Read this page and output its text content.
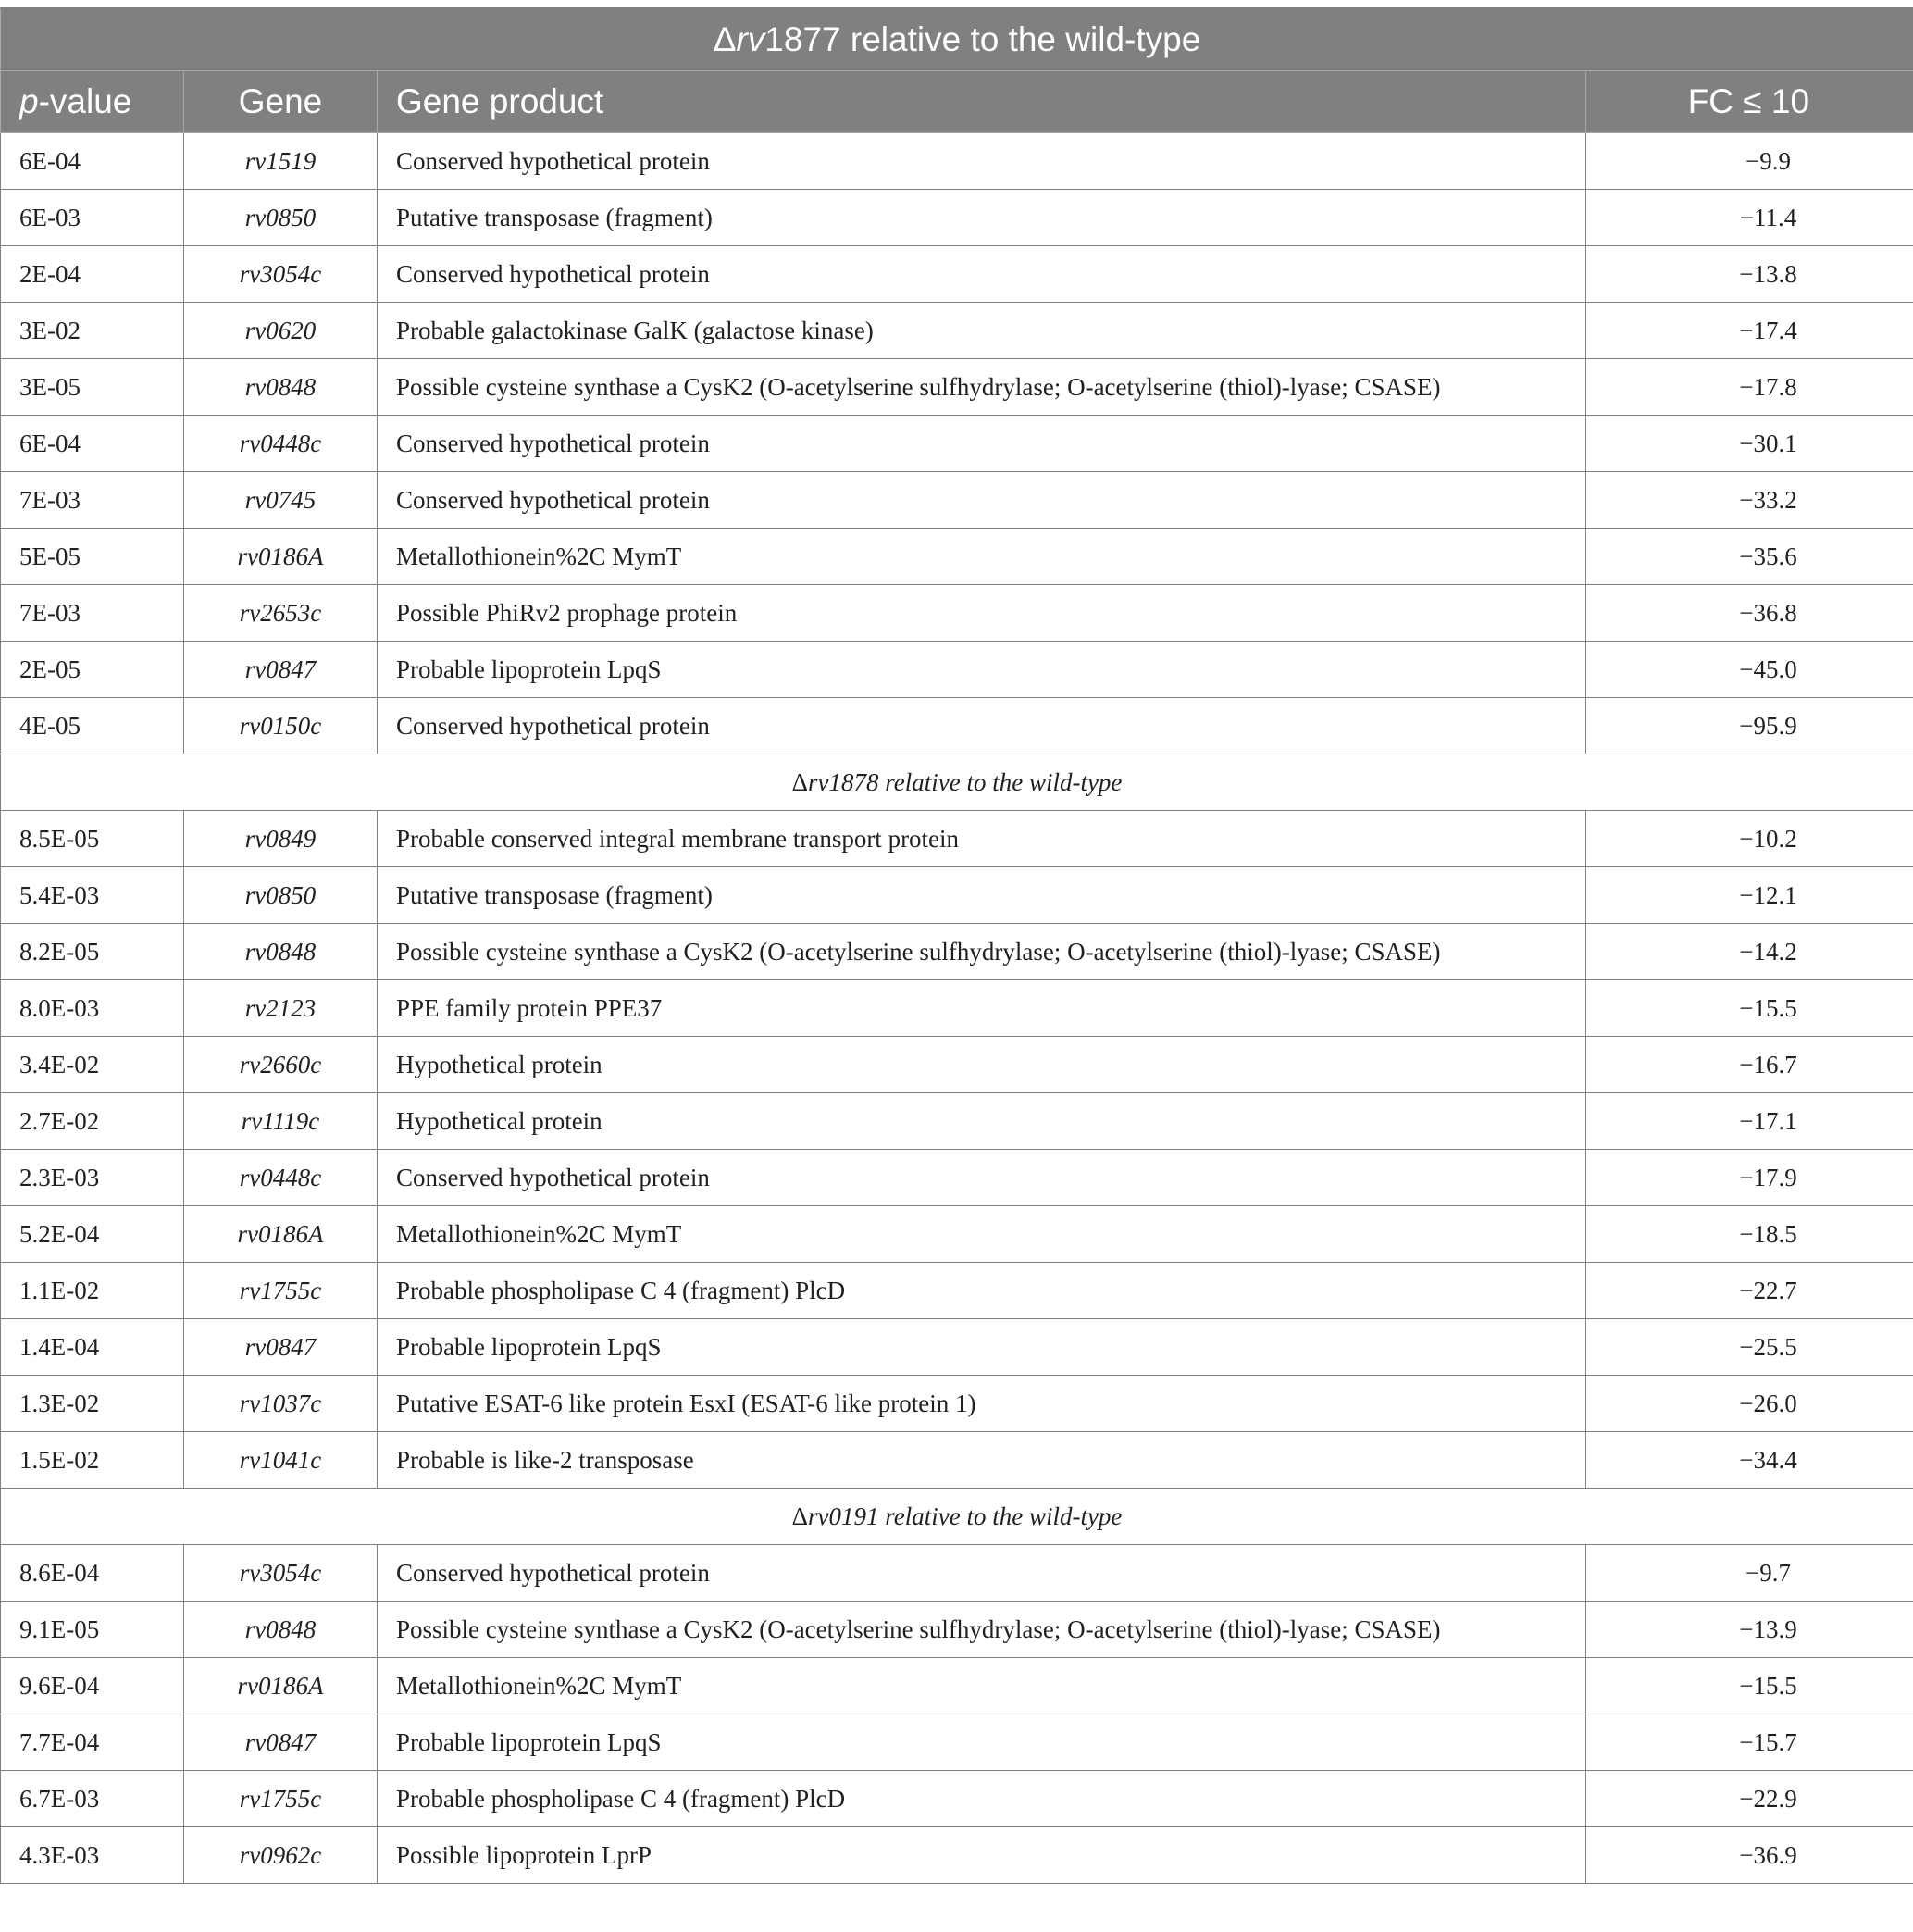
Δrv1877 relative to the wild-type			
p-value	Gene	Gene product	FC ≤ 10
6E-04	rv1519	Conserved hypothetical protein	−9.9
6E-03	rv0850	Putative transposase (fragment)	−11.4
2E-04	rv3054c	Conserved hypothetical protein	−13.8
3E-02	rv0620	Probable galactokinase GalK (galactose kinase)	−17.4
3E-05	rv0848	Possible cysteine synthase a CysK2 (O-acetylserine sulfhydrylase; O-acetylserine (thiol)-lyase; CSASE)	−17.8
6E-04	rv0448c	Conserved hypothetical protein	−30.1
7E-03	rv0745	Conserved hypothetical protein	−33.2
5E-05	rv0186A	Metallothionein%2C MymT	−35.6
7E-03	rv2653c	Possible PhiRv2 prophage protein	−36.8
2E-05	rv0847	Probable lipoprotein LpqS	−45.0
4E-05	rv0150c	Conserved hypothetical protein	−95.9
Δrv1878 relative to the wild-type			
8.5E-05	rv0849	Probable conserved integral membrane transport protein	−10.2
5.4E-03	rv0850	Putative transposase (fragment)	−12.1
8.2E-05	rv0848	Possible cysteine synthase a CysK2 (O-acetylserine sulfhydrylase; O-acetylserine (thiol)-lyase; CSASE)	−14.2
8.0E-03	rv2123	PPE family protein PPE37	−15.5
3.4E-02	rv2660c	Hypothetical protein	−16.7
2.7E-02	rv1119c	Hypothetical protein	−17.1
2.3E-03	rv0448c	Conserved hypothetical protein	−17.9
5.2E-04	rv0186A	Metallothionein%2C MymT	−18.5
1.1E-02	rv1755c	Probable phospholipase C 4 (fragment) PlcD	−22.7
1.4E-04	rv0847	Probable lipoprotein LpqS	−25.5
1.3E-02	rv1037c	Putative ESAT-6 like protein EsxI (ESAT-6 like protein 1)	−26.0
1.5E-02	rv1041c	Probable is like-2 transposase	−34.4
Δrv0191 relative to the wild-type			
8.6E-04	rv3054c	Conserved hypothetical protein	−9.7
9.1E-05	rv0848	Possible cysteine synthase a CysK2 (O-acetylserine sulfhydrylase; O-acetylserine (thiol)-lyase; CSASE)	−13.9
9.6E-04	rv0186A	Metallothionein%2C MymT	−15.5
7.7E-04	rv0847	Probable lipoprotein LpqS	−15.7
6.7E-03	rv1755c	Probable phospholipase C 4 (fragment) PlcD	−22.9
4.3E-03	rv0962c	Possible lipoprotein LprP	−36.9
